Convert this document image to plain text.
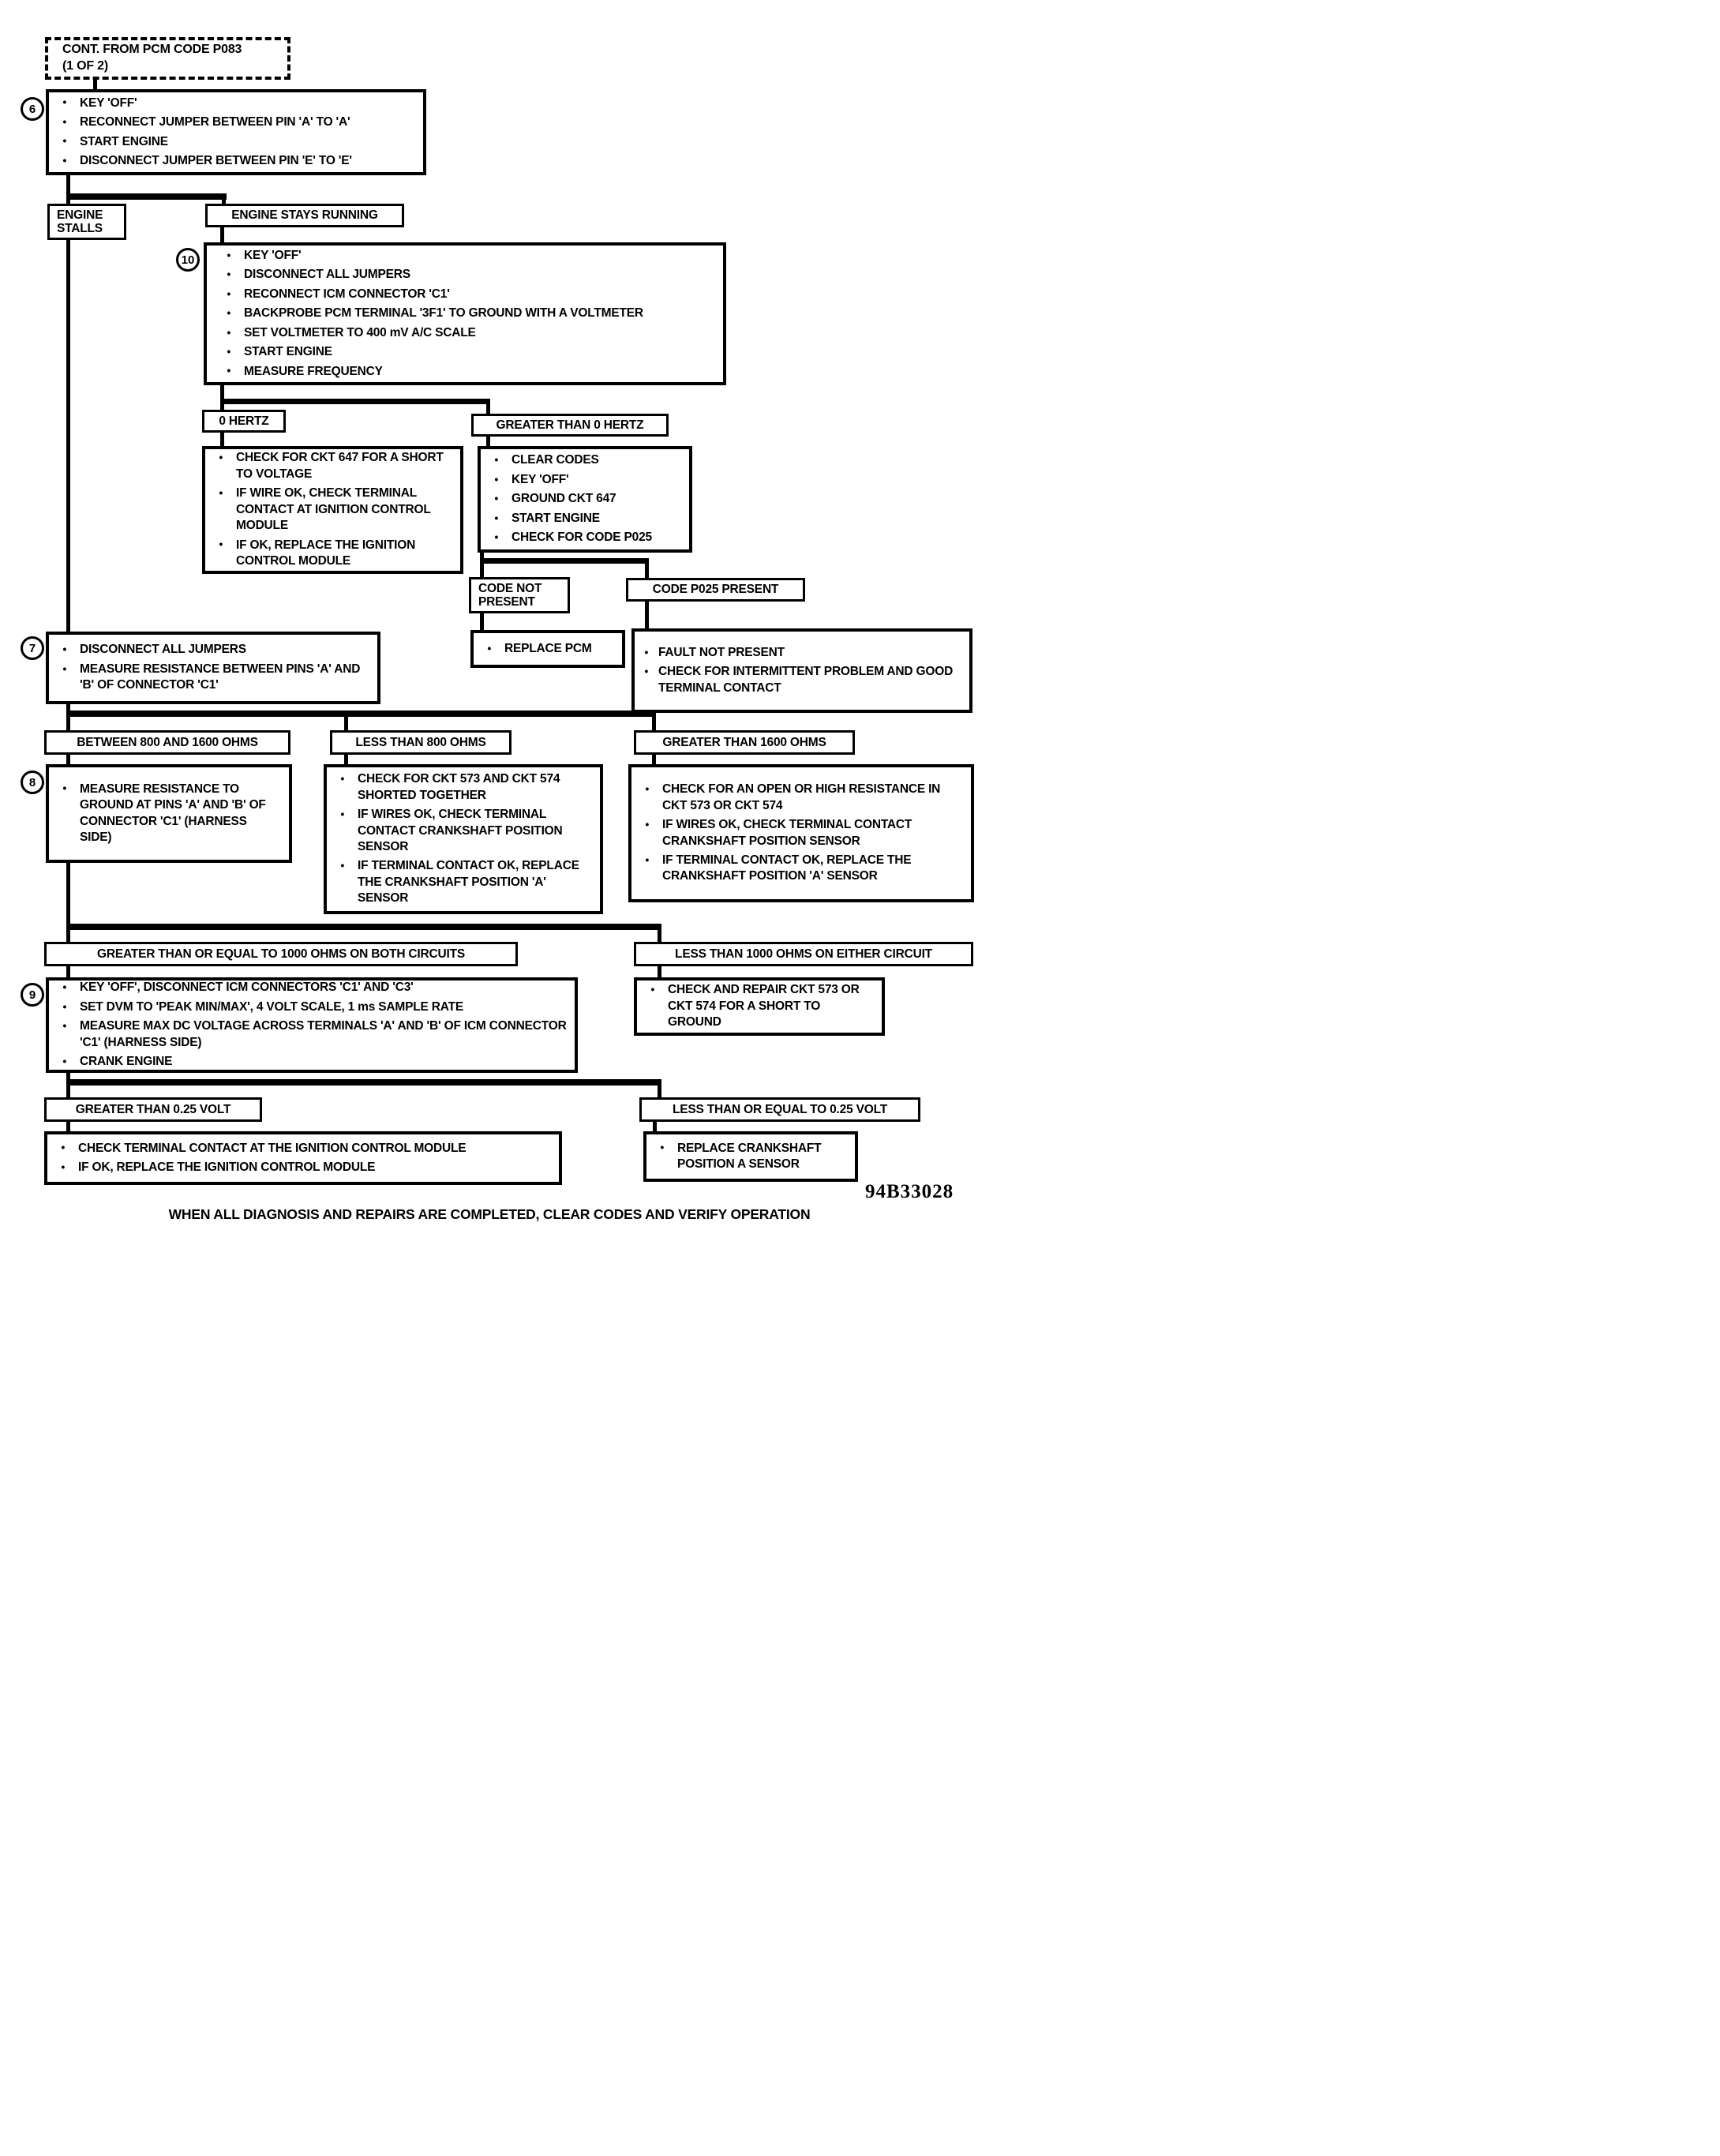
CONT. FROM PCM CODE P083
(1 OF 2)
6	● KEY 'OFF'
● RECONNECT JUMPER BETWEEN PIN 'A' TO 'A'
● START ENGINE
● DISCONNECT JUMPER BETWEEN PIN 'E' TO 'E'
ENGINE STALLS
ENGINE STAYS RUNNING
10	● KEY 'OFF'
● DISCONNECT ALL JUMPERS
● RECONNECT ICM CONNECTOR 'C1'
● BACKPROBE PCM TERMINAL '3F1' TO GROUND WITH A VOLTMETER
● SET VOLTMETER TO 400 mV A/C SCALE
● START ENGINE
● MEASURE FREQUENCY
0 HERTZ	GREATER THAN 0 HERTZ
● CHECK FOR CKT 647 FOR A SHORT TO VOLTAGE
● IF WIRE OK, CHECK TERMINAL CONTACT AT IGNITION CONTROL MODULE
● IF OK, REPLACE THE IGNITION CONTROL MODULE
● CLEAR CODES
● KEY 'OFF'
● GROUND CKT 647
● START ENGINE
● CHECK FOR CODE P025
CODE NOT PRESENT
CODE P025 PRESENT
● REPLACE PCM	● FAULT NOT PRESENT
● CHECK FOR INTERMITTENT PROBLEM AND GOOD TERMINAL CONTACT
7	● DISCONNECT ALL JUMPERS
● MEASURE RESISTANCE BETWEEN PINS 'A' AND 'B' OF CONNECTOR 'C1'
BETWEEN 800 AND 1600 OHMS	LESS THAN 800 OHMS	GREATER THAN 1600 OHMS
8	● MEASURE RESISTANCE TO GROUND AT PINS 'A' AND 'B' OF CONNECTOR 'C1' (HARNESS SIDE)
● CHECK FOR CKT 573 AND CKT 574 SHORTED TOGETHER
● IF WIRES OK, CHECK TERMINAL CONTACT CRANKSHAFT POSITION SENSOR
● IF TERMINAL CONTACT OK, REPLACE THE CRANKSHAFT POSITION 'A' SENSOR
● CHECK FOR AN OPEN OR HIGH RESISTANCE IN CKT 573 OR CKT 574
● IF WIRES OK, CHECK TERMINAL CONTACT CRANKSHAFT POSITION SENSOR
● IF TERMINAL CONTACT OK, REPLACE THE CRANKSHAFT POSITION 'A' SENSOR
GREATER THAN OR EQUAL TO 1000 OHMS ON BOTH CIRCUITS	LESS THAN 1000 OHMS ON EITHER CIRCUIT
9
● KEY 'OFF', DISCONNECT ICM CONNECTORS 'C1' AND 'C3'
● SET DVM TO 'PEAK MIN/MAX', 4 VOLT SCALE, 1 ms SAMPLE RATE
● MEASURE MAX DC VOLTAGE ACROSS TERMINALS 'A' AND 'B' OF ICM CONNECTOR 'C1' (HARNESS SIDE)
● CRANK ENGINE
● CHECK AND REPAIR CKT 573 OR CKT 574 FOR A SHORT TO GROUND
GREATER THAN 0.25 VOLT	LESS THAN OR EQUAL TO 0.25 VOLT
● CHECK TERMINAL CONTACT AT THE IGNITION CONTROL MODULE
● IF OK, REPLACE THE IGNITION CONTROL MODULE
● REPLACE CRANKSHAFT POSITION A SENSOR
94B33028
WHEN ALL DIAGNOSIS AND REPAIRS ARE COMPLETED, CLEAR CODES AND VERIFY OPERATION
